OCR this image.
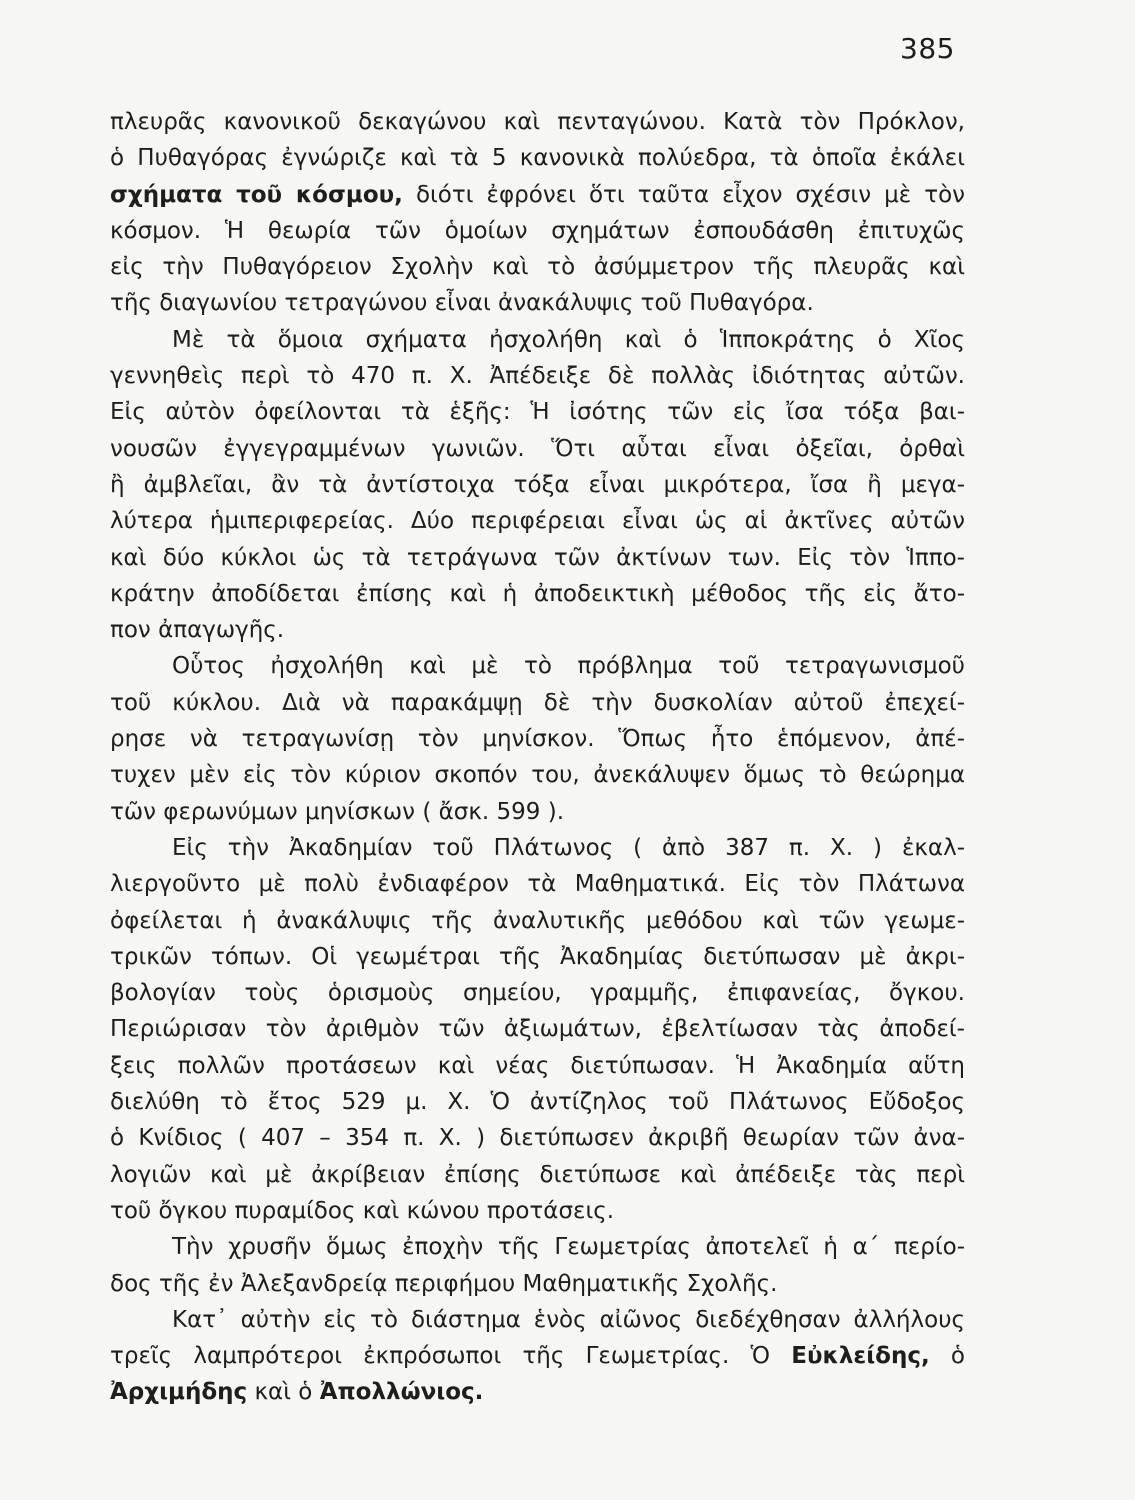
385
πλευρᾶς κανονικοῦ δεκαγώνου καὶ πενταγώνου. Κατὰ τὸν Πρόκλον,
ὁ Πυθαγόρας ἐγνώριζε καὶ τὰ 5 κανονικὰ πολύεδρα, τὰ ὁποῖα ἐκάλει
σχήματα τοῦ κόσμου, διότι ἐφρόνει ὅτι ταῦτα εἶχον σχέσιν μὲ τὸν
κόσμον. Ἡ θεωρία τῶν ὁμοίων σχημάτων ἐσπουδάσθη ἐπιτυχῶς
εἰς τὴν Πυθαγόρειον Σχολὴν καὶ τὸ ἀσύμμετρον τῆς πλευρᾶς καὶ
τῆς διαγωνίου τετραγώνου εἶναι ἀνακάλυψις τοῦ Πυθαγόρα.
Μὲ τὰ ὅμοια σχήματα ἠσχολήθη καὶ ὁ Ἱπποκράτης ὁ Χῖος
γεννηθεὶς περὶ τὸ 470 π. Χ. Ἀπέδειξε δὲ πολλὰς ἰδιότητας αὐτῶν.
Εἰς αὐτὸν ὀφείλονται τὰ ἑξῆς: Ἡ ἰσότης τῶν εἰς ἴσα τόξα βαι-
νουσῶν ἐγγεγραμμένων γωνιῶν. Ὅτι αὗται εἶναι ὀξεῖαι, ὀρθαὶ
ἢ ἀμβλεῖαι, ἂν τὰ ἀντίστοιχα τόξα εἶναι μικρότερα, ἴσα ἢ μεγα-
λύτερα ἡμιπεριφερείας. Δύο περιφέρειαι εἶναι ὡς αἱ ἀκτῖνες αὐτῶν
καὶ δύο κύκλοι ὡς τὰ τετράγωνα τῶν ἀκτίνων των. Εἰς τὸν Ἱππο-
κράτην ἀποδίδεται ἐπίσης καὶ ἡ ἀποδεικτικὴ μέθοδος τῆς εἰς ἄτο-
πον ἀπαγωγῆς.
Οὗτος ἠσχολήθη καὶ μὲ τὸ πρόβλημα τοῦ τετραγωνισμοῦ
τοῦ κύκλου. Διὰ νὰ παρακάμψῃ δὲ τὴν δυσκολίαν αὐτοῦ ἐπεχεί-
ρησε νὰ τετραγωνίσῃ τὸν μηνίσκον. Ὅπως ἦτο ἑπόμενον, ἀπέ-
τυχεν μὲν εἰς τὸν κύριον σκοπόν του, ἀνεκάλυψεν ὅμως τὸ θεώρημα
τῶν φερωνύμων μηνίσκων ( ἄσκ. 599 ).
Εἰς τὴν Ἀκαδημίαν τοῦ Πλάτωνος ( ἀπὸ 387 π. Χ. ) ἐκαλ-
λιεργοῦντο μὲ πολὺ ἐνδιαφέρον τὰ Μαθηματικά. Εἰς τὸν Πλάτωνα
ὀφείλεται ἡ ἀνακάλυψις τῆς ἀναλυτικῆς μεθόδου καὶ τῶν γεωμε-
τρικῶν τόπων. Οἱ γεωμέτραι τῆς Ἀκαδημίας διετύπωσαν μὲ ἀκρι-
βολογίαν τοὺς ὁρισμοὺς σημείου, γραμμῆς, ἐπιφανείας, ὄγκου.
Περιώρισαν τὸν ἀριθμὸν τῶν ἀξιωμάτων, ἐβελτίωσαν τὰς ἀποδεί-
ξεις πολλῶν προτάσεων καὶ νέας διετύπωσαν. Ἡ Ἀκαδημία αὕτη
διελύθη τὸ ἔτος 529 μ. Χ. Ὁ ἀντίζηλος τοῦ Πλάτωνος Εὔδοξος
ὁ Κνίδιος ( 407 – 354 π. Χ. ) διετύπωσεν ἀκριβῆ θεωρίαν τῶν ἀνα-
λογιῶν καὶ μὲ ἀκρίβειαν ἐπίσης διετύπωσε καὶ ἀπέδειξε τὰς περὶ
τοῦ ὄγκου πυραμίδος καὶ κώνου προτάσεις.
Τὴν χρυσῆν ὅμως ἐποχὴν τῆς Γεωμετρίας ἀποτελεῖ ἡ α΄ περίο-
δος τῆς ἐν Ἀλεξανδρείᾳ περιφήμου Μαθηματικῆς Σχολῆς.
Κατ᾽ αὐτὴν εἰς τὸ διάστημα ἑνὸς αἰῶνος διεδέχθησαν ἀλλήλους
τρεῖς λαμπρότεροι ἐκπρόσωποι τῆς Γεωμετρίας. Ὁ Εὐκλείδης, ὁ
Ἀρχιμήδης καὶ ὁ Ἀπολλώνιος.
